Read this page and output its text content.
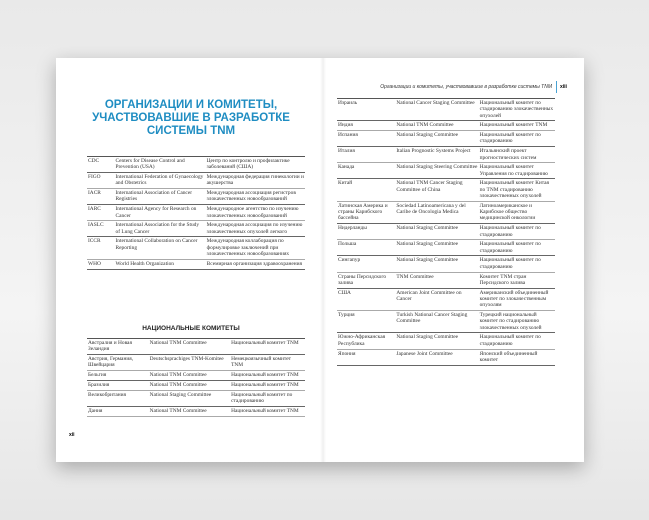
ОРГАНИЗАЦИИ И КОМИТЕТЫ, УЧАСТВОВАВШИЕ В РАЗРАБОТКЕ СИСТЕМЫ TNM
CDC	Centers for Disease Control and Prevention (USA)	Центр по контролю и профилактике заболеваний (США)
FIGO	International Federation of Gynaecology and Obstetrics	Международная федерация гинекологии и акушерства
IACR	International Association of Cancer Registries	Международная ассоциация регистров злокачественных новообразований
IARC	International Agency for Research on Cancer	Международное агентство по изучению злокачественных новообразований
IASLC	International Association for the Study of Lung Cancer	Международная ассоциация по изучению злокачественных опухолей легкого
ICCR	International Collaboration on Cancer Reporting	Международная коллаборация по формулировке заключений при злокачественных новообразованиях
WHO	World Health Organization	Всемирная организация здравоохранения
НАЦИОНАЛЬНЫЕ КОМИТЕТЫ
Австралия и Новая Зеландия	National TNM Committee	Национальный комитет TNM
Австрия, Германия, Швейцария	Deutschsprachiges TNM-Komitee	Немецкоязычный комитет TNM
Бельгия	National TNM Committee	Национальный комитет TNM
Бразилия	National TNM Committee	Национальный комитет TNM
Великобритания	National Staging Committee	Национальный комитет по стадированию
Дания	National TNM Committee	Национальный комитет TNM
xii
Организации и комитеты, участвовавшие в разработке системы TNM xiii
Израиль	National Cancer Staging Committee	Национальный комитет по стадированию злокачественных опухолей
Индия	National TNM Committee	Национальный комитет TNM
Испания	National Staging Committee	Национальный комитет по стадированию
Италия	Italian Prognostic Systems Project	Итальянский проект прогностических систем
Канада	National Staging Steering Committee	Национальный комитет Управления по стадированию
Китай	National TNM Cancer Staging Committee of China	Национальный комитет Китая по TNM стадированию злокачественных опухолей
Латинская Америка и страны Карибского бассейна	Sociedad Latinoamericana y del Caribe de Oncologia Medica	Латиноамериканское и Карибское общество медицинской онкологии
Нидерланды	National Staging Committee	Национальный комитет по стадированию
Польша	National Staging Committee	Национальный комитет по стадированию
Сингапур	National Staging Committee	Национальный комитет по стадированию
Страны Персидского залива	TNM Committee	Комитет TNM стран Персидского залива
США	American Joint Committee on Cancer	Американский объединенный комитет по злокачественным опухолям
Турция	Turkish National Cancer Staging Committee	Турецкий национальный комитет по стадированию злокачественных опухолей
Южно-Африканская Республика	National Staging Committee	Национальный комитет по стадированию
Япония	Japanese Joint Committee	Японский объединенный комитет
